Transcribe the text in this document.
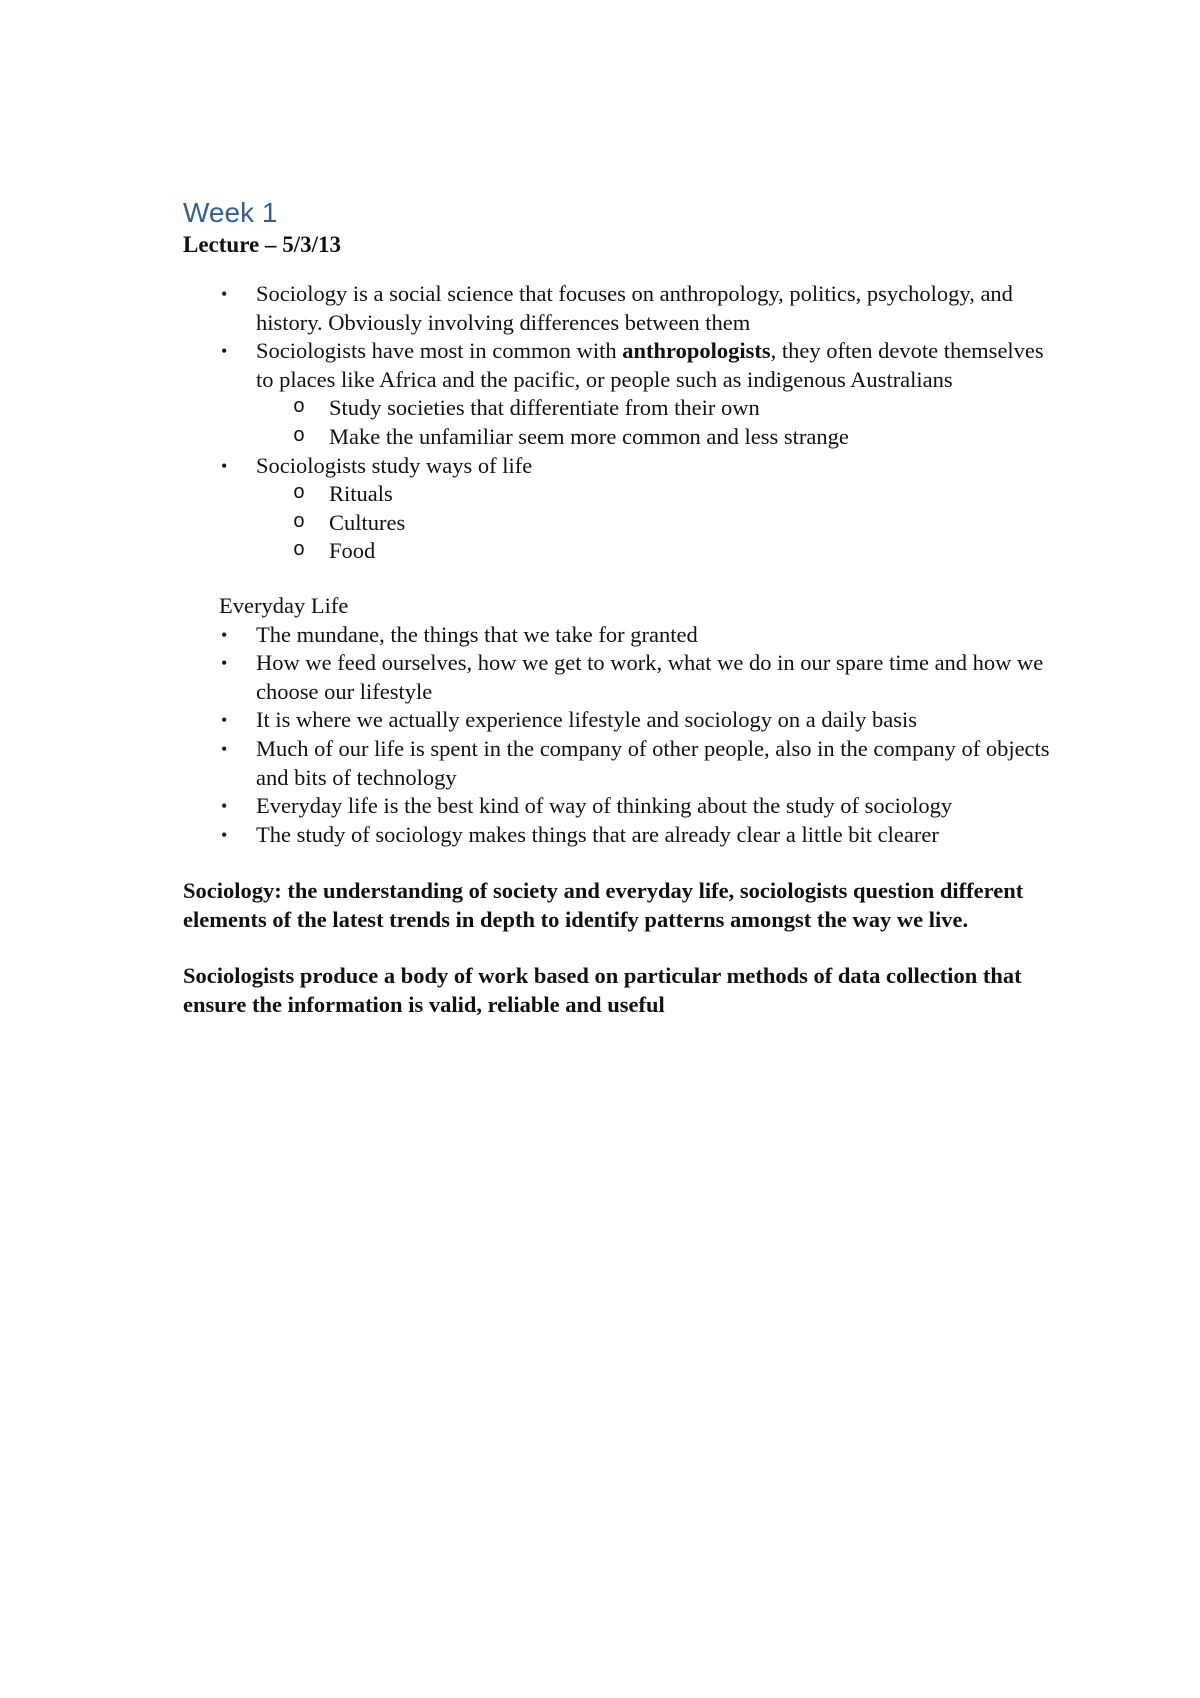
Week 1
Lecture – 5/3/13
• Sociology is a social science that focuses on anthropology, politics, psychology, and history. Obviously involving differences between them
• Sociologists have most in common with anthropologists, they often devote themselves to places like Africa and the pacific, or people such as indigenous Australians
o Study societies that differentiate from their own
o Make the unfamiliar seem more common and less strange
• Sociologists study ways of life
o Rituals
o Cultures
o Food
Everyday Life
• The mundane, the things that we take for granted
• How we feed ourselves, how we get to work, what we do in our spare time and how we choose our lifestyle
• It is where we actually experience lifestyle and sociology on a daily basis
• Much of our life is spent in the company of other people, also in the company of objects and bits of technology
• Everyday life is the best kind of way of thinking about the study of sociology
• The study of sociology makes things that are already clear a little bit clearer

Sociology: the understanding of society and everyday life, sociologists question different elements of the latest trends in depth to identify patterns amongst the way we live.

Sociologists produce a body of work based on particular methods of data collection that ensure the information is valid, reliable and useful
